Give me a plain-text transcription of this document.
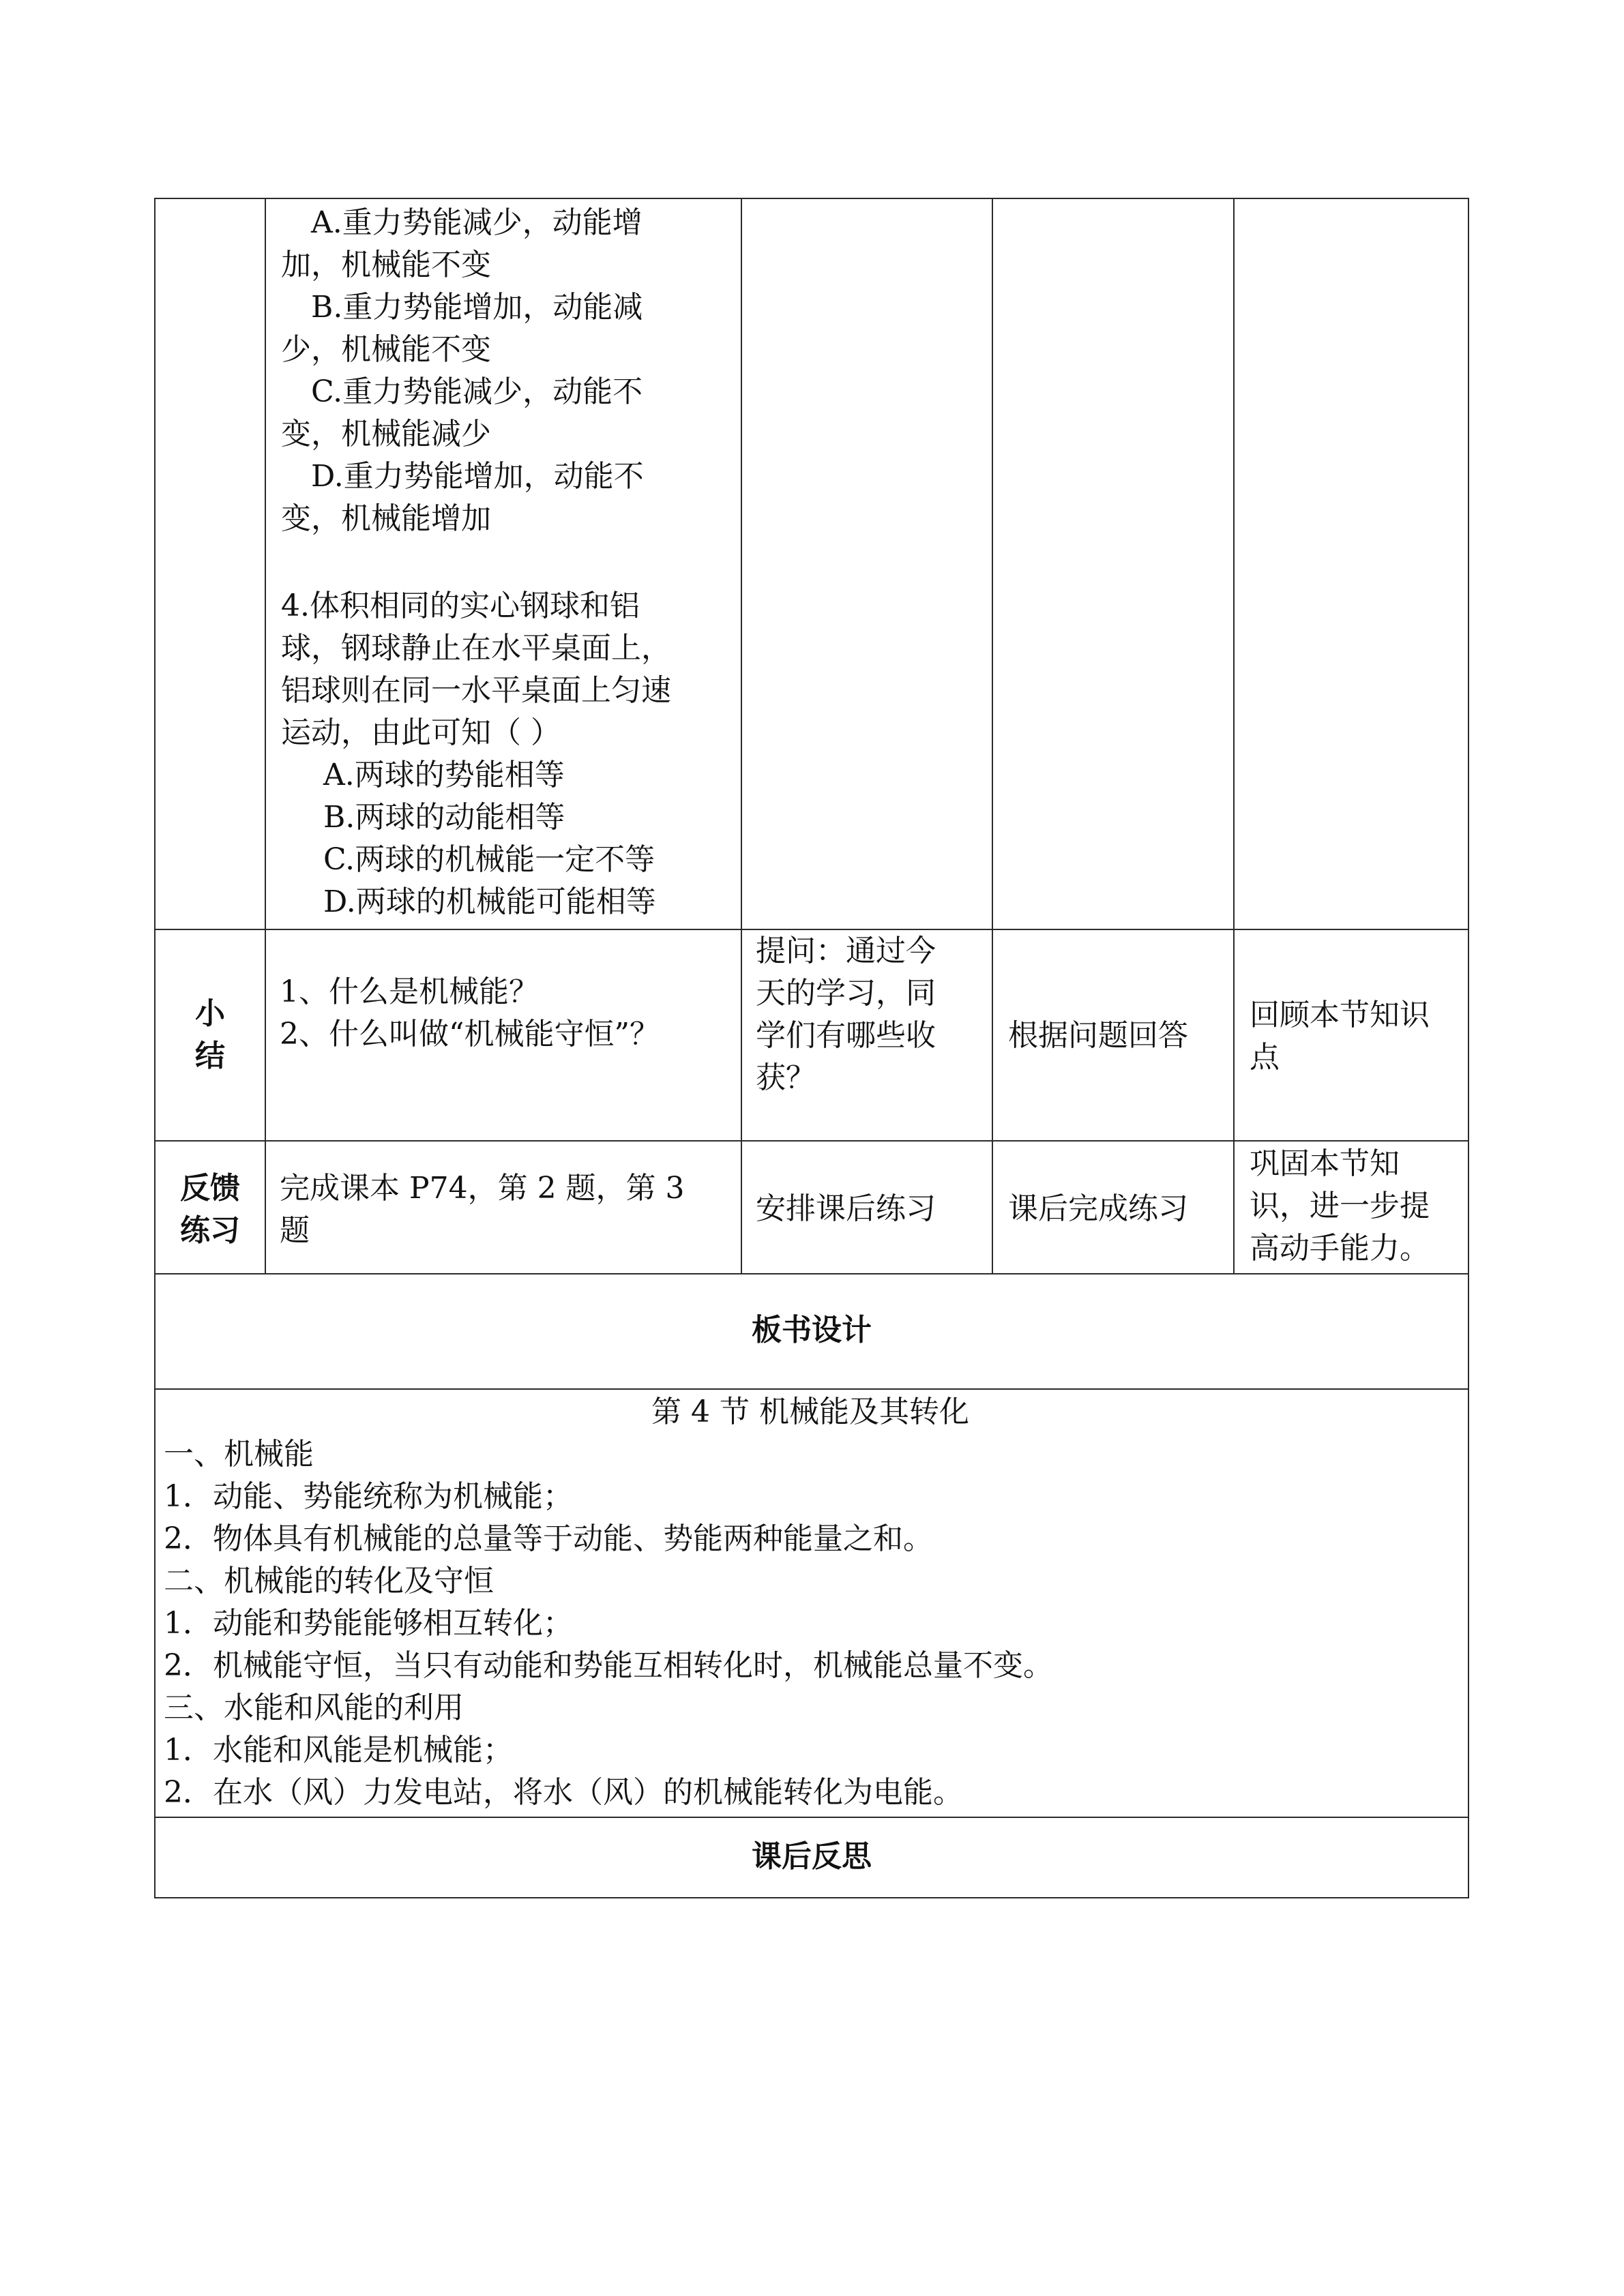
A.重力势能减少，动能增
加，机械能不变
B.重力势能增加，动能减
少，机械能不变
C.重力势能减少，动能不
变，机械能减少
D.重力势能增加，动能不
变，机械能增加
4.体积相同的实心钢球和铝
球，钢球静止在水平桌面上，
铝球则在同一水平桌面上匀速
运动，由此可知（ ）
A.两球的势能相等
B.两球的动能相等
C.两球的机械能一定不等
D.两球的机械能可能相等
小
结
1、什么是机械能？
2、什么叫做“机械能守恒”？
提问：通过今
天的学习，同
学们有哪些收
获？
根据问题回答
回顾本节知识
点
反馈
练习
完成课本 P74，第 2 题，第 3
题
安排课后练习 课后完成练习
巩固本节知
识，进一步提
高动手能力。
板书设计
第 4 节 机械能及其转化
一、机械能
1．动能、势能统称为机械能；
2．物体具有机械能的总量等于动能、势能两种能量之和。
二、机械能的转化及守恒
1．动能和势能能够相互转化；
2．机械能守恒，当只有动能和势能互相转化时，机械能总量不变。
三、水能和风能的利用
1．水能和风能是机械能；
2．在水（风）力发电站，将水（风）的机械能转化为电能。
课后反思
